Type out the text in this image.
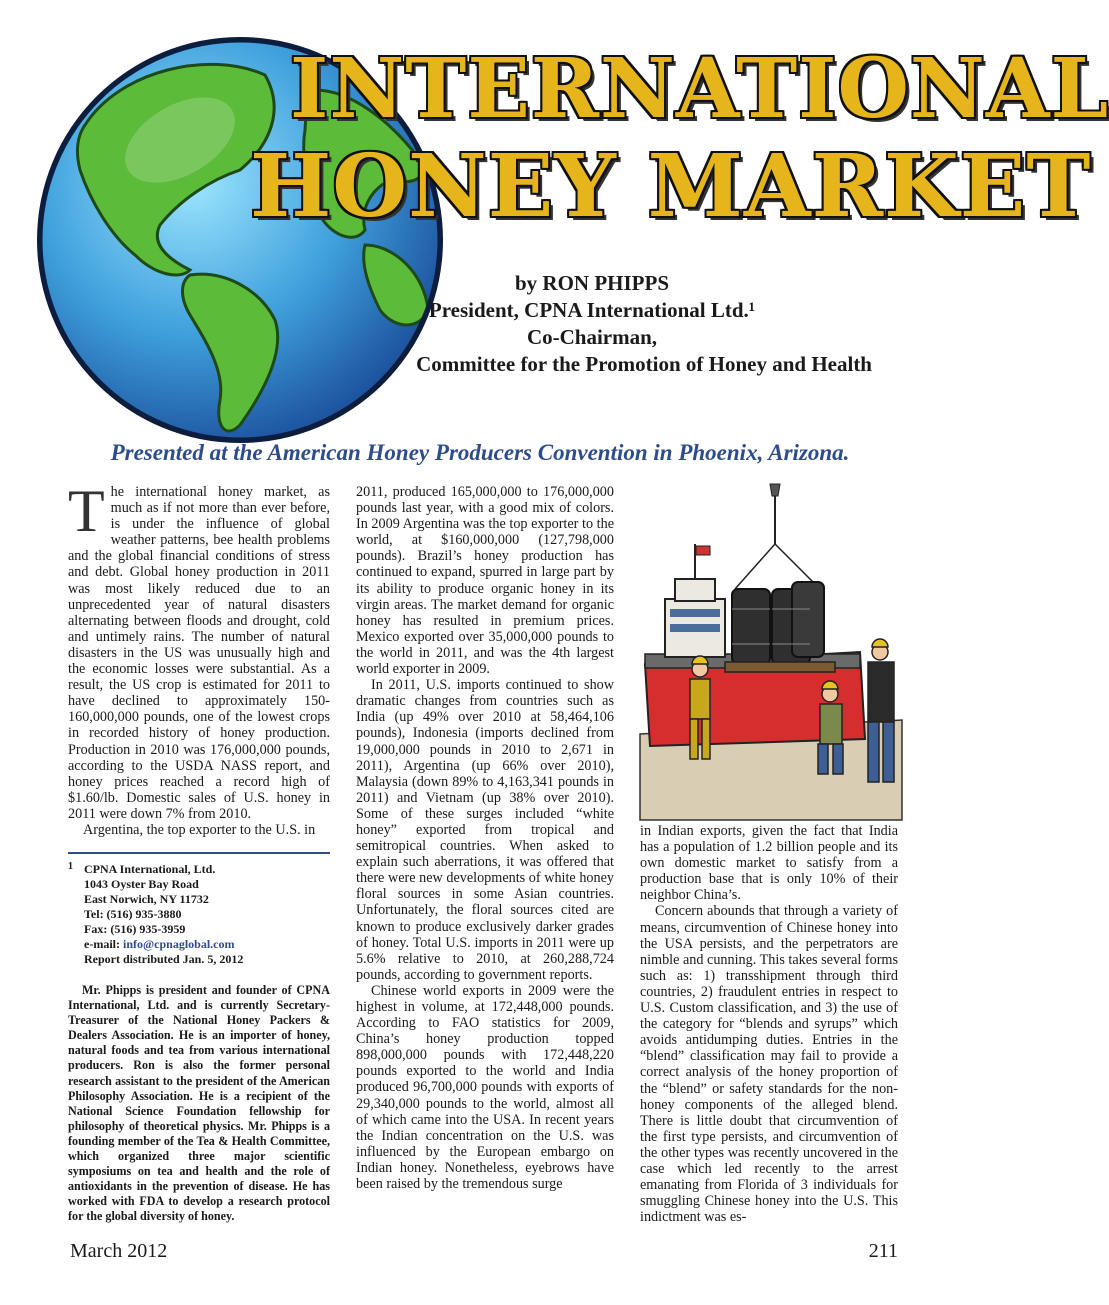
INTERNATIONAL
HONEY MARKET
by RON PHIPPS
President, CPNA International Ltd.¹
Co-Chairman,
Committee for the Promotion of Honey and Health
Presented at the American Honey Producers Convention in Phoenix, Arizona.

The international honey market, as much as if not more than ever before, is under the influence of global weather patterns, bee health problems and the global financial conditions of stress and debt. Global honey production in 2011 was most likely reduced due to an unprecedented year of natural disasters alternating between floods and drought, cold and untimely rains. The number of natural disasters in the US was unusually high and the economic losses were substantial. As a result, the US crop is estimated for 2011 to have declined to approximately 150-160,000,000 pounds, one of the lowest crops in recorded history of honey production. Production in 2010 was 176,000,000 pounds, according to the USDA NASS report, and honey prices reached a record high of $1.60/lb. Domestic sales of U.S. honey in 2011 were down 7% from 2010.

Argentina, the top exporter to the U.S. in

1 CPNA International, Ltd.
1043 Oyster Bay Road
East Norwich, NY 11732
Tel: (516) 935-3880
Fax: (516) 935-3959
e-mail: info@cpnaglobal.com
Report distributed Jan. 5, 2012
Mr. Phipps is president and founder of CPNA International, Ltd. and is currently Secretary-Treasurer of the National Honey Packers & Dealers Association. He is an importer of honey, natural foods and tea from various international producers. Ron is also the former personal research assistant to the president of the American Philosophy Association. He is a recipient of the National Science Foundation fellowship for philosophy of theoretical physics. Mr. Phipps is a founding member of the Tea & Health Committee, which organized three major scientific symposiums on tea and health and the role of antioxidants in the prevention of disease. He has worked with FDA to develop a research protocol for the global diversity of honey.

2011, produced 165,000,000 to 176,000,000 pounds last year, with a good mix of colors. In 2009 Argentina was the top exporter to the world, at $160,000,000 (127,798,000 pounds). Brazil’s honey production has continued to expand, spurred in large part by its ability to produce organic honey in its virgin areas. The market demand for organic honey has resulted in premium prices. Mexico exported over 35,000,000 pounds to the world in 2011, and was the 4th largest world exporter in 2009.

In 2011, U.S. imports continued to show dramatic changes from countries such as India (up 49% over 2010 at 58,464,106 pounds), Indonesia (imports declined from 19,000,000 pounds in 2010 to 2,671 in 2011), Argentina (up 66% over 2010), Malaysia (down 89% to 4,163,341 pounds in 2011) and Vietnam (up 38% over 2010). Some of these surges included “white honey” exported from tropical and semitropical countries. When asked to explain such aberrations, it was offered that there were new developments of white honey floral sources in some Asian countries. Unfortunately, the floral sources cited are known to produce exclusively darker grades of honey. Total U.S. imports in 2011 were up 5.6% relative to 2010, at 260,288,724 pounds, according to government reports.

Chinese world exports in 2009 were the highest in volume, at 172,448,000 pounds. According to FAO statistics for 2009, China’s honey production topped 898,000,000 pounds with 172,448,220 pounds exported to the world and India produced 96,700,000 pounds with exports of 29,340,000 pounds to the world, almost all of which came into the USA. In recent years the Indian concentration on the U.S. was influenced by the European embargo on Indian honey. Nonetheless, eyebrows have been raised by the tremendous surge

in Indian exports, given the fact that India has a population of 1.2 billion people and its own domestic market to satisfy from a production base that is only 10% of their neighbor China’s.

Concern abounds that through a variety of means, circumvention of Chinese honey into the USA persists, and the perpetrators are nimble and cunning. This takes several forms such as: 1) transshipment through third countries, 2) fraudulent entries in respect to U.S. Custom classification, and 3) the use of the category for “blends and syrups” which avoids antidumping duties. Entries in the “blend” classification may fail to provide a correct analysis of the honey proportion of the “blend” or safety standards for the non-honey components of the alleged blend. There is little doubt that circumvention of the first type persists, and circumvention of the other types was recently uncovered in the case which led recently to the arrest emanating from Florida of 3 individuals for smuggling Chinese honey into the U.S. This indictment was es-

March 2012	211
